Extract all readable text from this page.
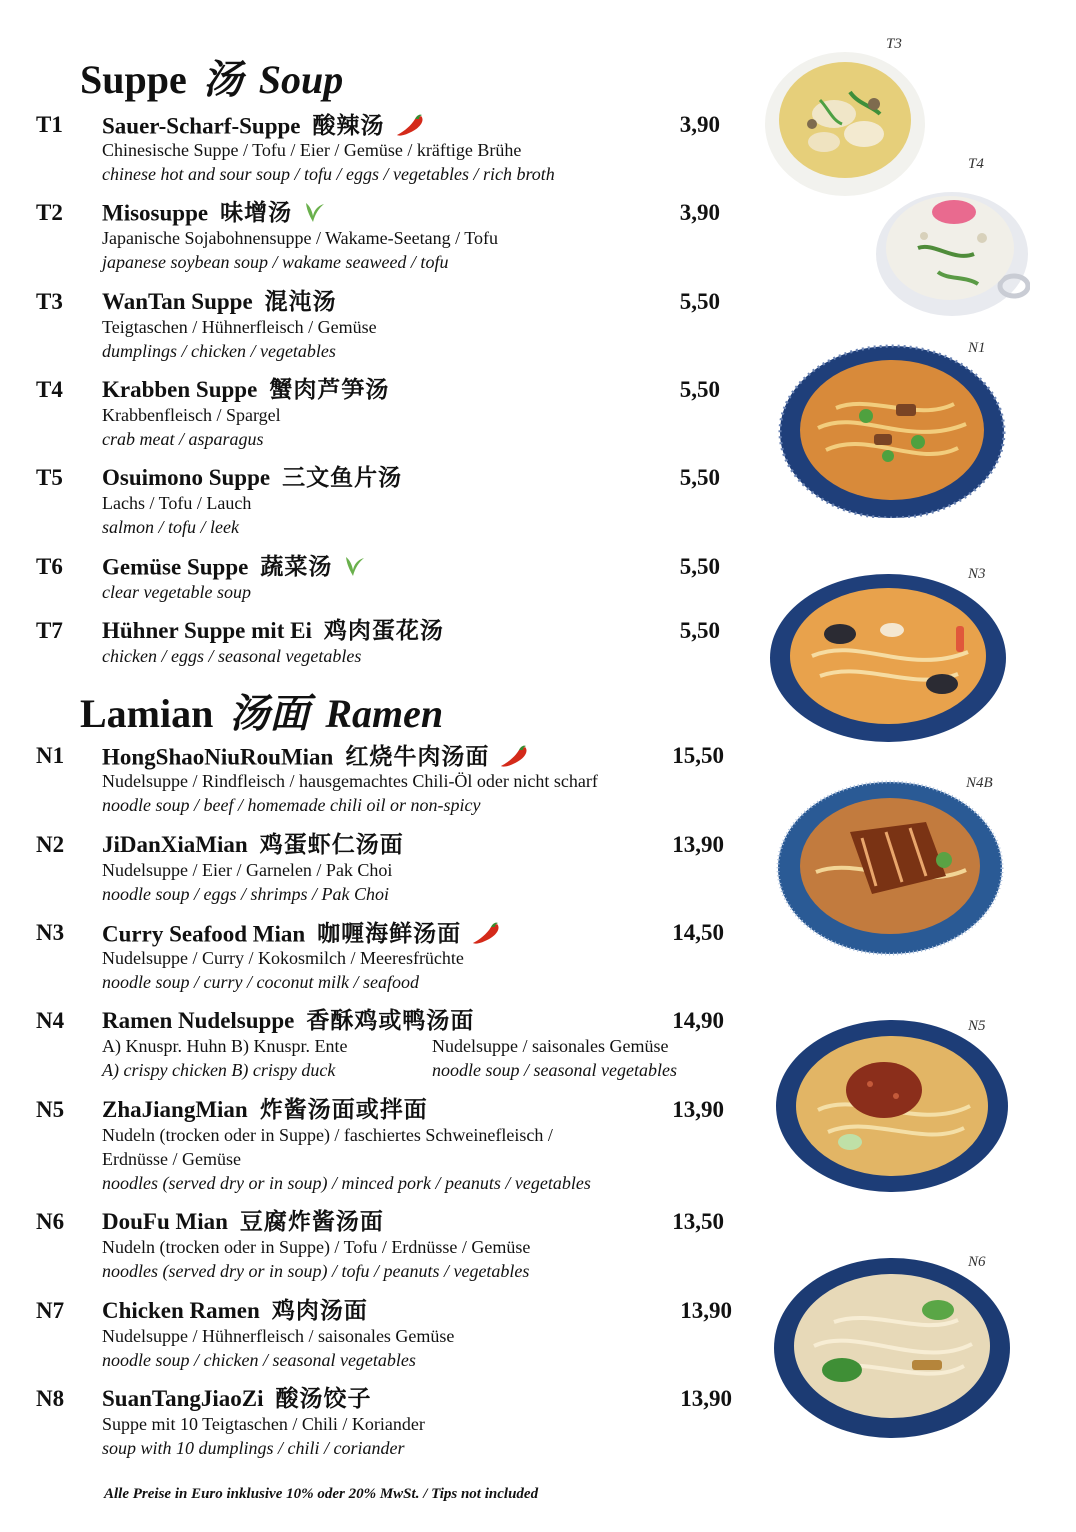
Suppe 汤 Soup
T1	Sauer-Scharf-Suppe 酸辣汤	3,90
Chinesische Suppe / Tofu / Eier / Gemüse / kräftige Brühe
chinese hot and sour soup / tofu / eggs / vegetables / rich broth
T2	Misosuppe 味增汤	3,90
Japanische Sojabohnensuppe / Wakame-Seetang / Tofu
japanese soybean soup / wakame seaweed / tofu
T3	WanTan Suppe 混沌汤	5,50
Teigtaschen / Hühnerfleisch / Gemüse
dumplings / chicken / vegetables
T4	Krabben Suppe 蟹肉芦笋汤	5,50
Krabbenfleisch / Spargel
crab meat / asparagus
T5	Osuimono Suppe 三文鱼片汤	5,50
Lachs / Tofu / Lauch
salmon / tofu / leek
T6	Gemüse Suppe 蔬菜汤	5,50
clear vegetable soup
T7	Hühner Suppe mit Ei 鸡肉蛋花汤	5,50
chicken / eggs / seasonal vegetables
Lamian 汤面 Ramen
N1	HongShaoNiuRouMian 红烧牛肉汤面	15,50
Nudelsuppe / Rindfleisch / hausgemachtes Chili-Öl oder nicht scharf
noodle soup / beef / homemade chili oil or non-spicy
N2	JiDanXiaMian 鸡蛋虾仁汤面	13,90
Nudelsuppe / Eier / Garnelen / Pak Choi
noodle soup / eggs / shrimps / Pak Choi
N3	Curry Seafood Mian 咖喱海鲜汤面	14,50
Nudelsuppe / Curry / Kokosmilch / Meeresfrüchte
noodle soup / curry / coconut milk / seafood
N4	Ramen Nudelsuppe 香酥鸡或鸭汤面	14,90
A) Knuspr. Huhn B) Knuspr. Ente
A) crispy chicken B) crispy duck
Nudelsuppe / saisonales Gemüse
noodle soup / seasonal vegetables
N5	ZhaJiangMian 炸酱汤面或拌面	13,90
Nudeln (trocken oder in Suppe) / faschiertes Schweinefleisch /
Erdnüsse / Gemüse
noodles (served dry or in soup) / minced pork / peanuts / vegetables
N6	DouFu Mian 豆腐炸酱汤面	13,50
Nudeln (trocken oder in Suppe) / Tofu / Erdnüsse / Gemüse
noodles (served dry or in soup) / tofu / peanuts / vegetables
N7	Chicken Ramen 鸡肉汤面	13,90
Nudelsuppe / Hühnerfleisch / saisonales Gemüse
noodle soup / chicken / seasonal vegetables
N8	SuanTangJiaoZi 酸汤饺子	13,90
Suppe mit 10 Teigtaschen / Chili / Koriander
soup with 10 dumplings / chili / coriander
T3
T4
N1
N3
N4B
N5
N6
Alle Preise in Euro inklusive 10% oder 20% MwSt. / Tips not included
